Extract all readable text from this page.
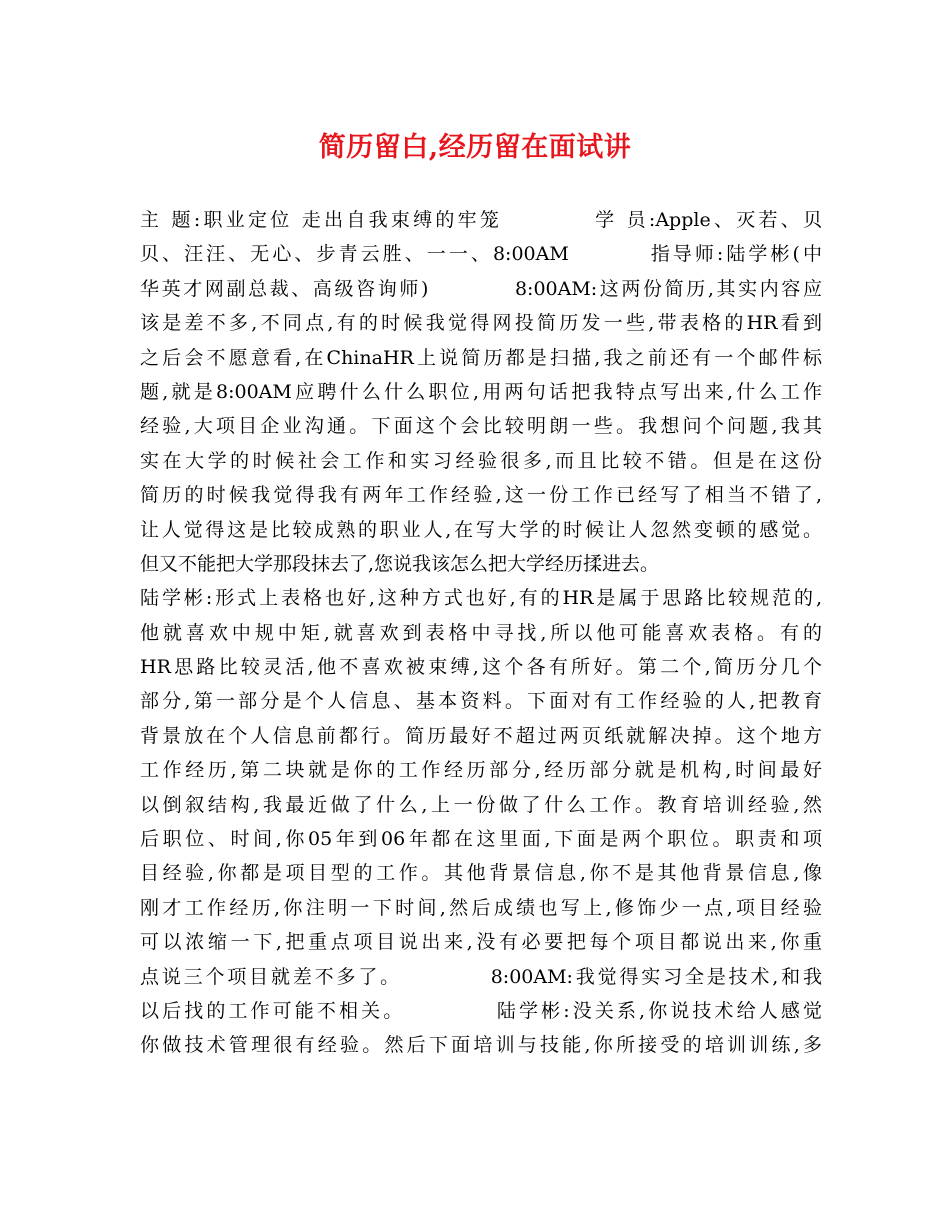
简历留白,经历留在面试讲
主 题:职业定位 走出自我束缚的牢笼          学 员:Apple、灭若、贝
贝、汪汪、无心、步青云胜、一一、8:00AM         指导师:陆学彬(中
华英才网副总裁、高级咨询师)          8:00AM:这两份简历,其实内容应
该是差不多,不同点,有的时候我觉得网投简历发一些,带表格的HR看到
之后会不愿意看,在ChinaHR上说简历都是扫描,我之前还有一个邮件标
题,就是8:00AM应聘什么什么职位,用两句话把我特点写出来,什么工作
经验,大项目企业沟通。下面这个会比较明朗一些。我想问个问题,我其
实在大学的时候社会工作和实习经验很多,而且比较不错。但是在这份
简历的时候我觉得我有两年工作经验,这一份工作已经写了相当不错了,
让人觉得这是比较成熟的职业人,在写大学的时候让人忽然变顿的感觉。
但又不能把大学那段抹去了,您说我该怎么把大学经历揉进去。
陆学彬:形式上表格也好,这种方式也好,有的HR是属于思路比较规范的,
他就喜欢中规中矩,就喜欢到表格中寻找,所以他可能喜欢表格。有的
HR思路比较灵活,他不喜欢被束缚,这个各有所好。第二个,简历分几个
部分,第一部分是个人信息、基本资料。下面对有工作经验的人,把教育
背景放在个人信息前都行。简历最好不超过两页纸就解决掉。这个地方
工作经历,第二块就是你的工作经历部分,经历部分就是机构,时间最好
以倒叙结构,我最近做了什么,上一份做了什么工作。教育培训经验,然
后职位、时间,你05年到06年都在这里面,下面是两个职位。职责和项
目经验,你都是项目型的工作。其他背景信息,你不是其他背景信息,像
刚才工作经历,你注明一下时间,然后成绩也写上,修饰少一点,项目经验
可以浓缩一下,把重点项目说出来,没有必要把每个项目都说出来,你重
点说三个项目就差不多了。          8:00AM:我觉得实习全是技术,和我
以后找的工作可能不相关。          陆学彬:没关系,你说技术给人感觉
你做技术管理很有经验。然后下面培训与技能,你所接受的培训训练,多
